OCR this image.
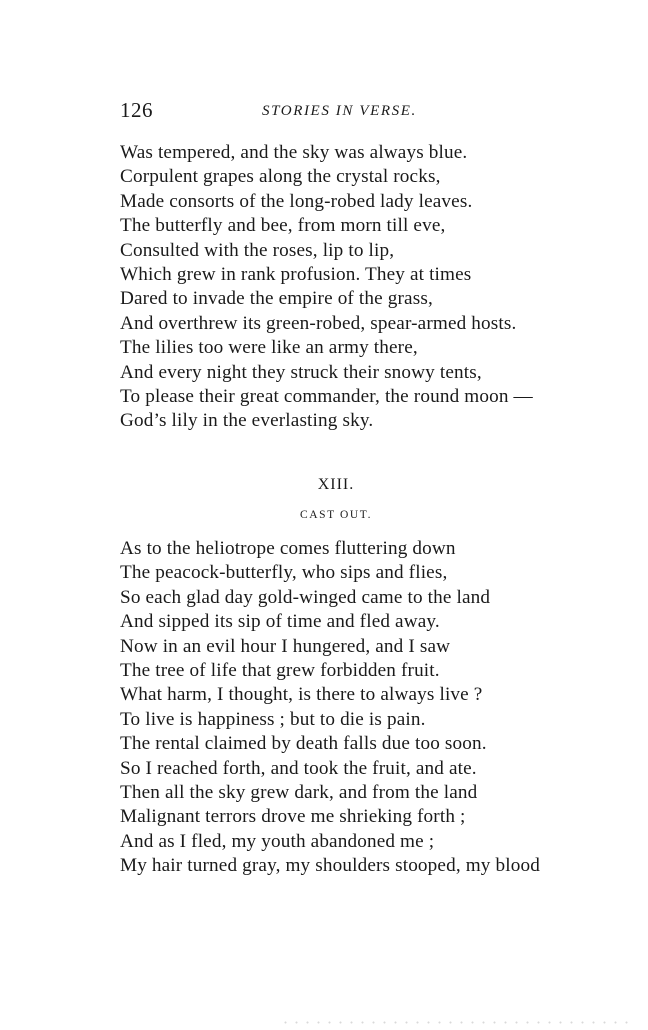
126	STORIES IN VERSE.
Was tempered, and the sky was always blue.
Corpulent grapes along the crystal rocks,
Made consorts of the long-robed lady leaves.
The butterfly and bee, from morn till eve,
Consulted with the roses, lip to lip,
Which grew in rank profusion. They at times
Dared to invade the empire of the grass,
And overthrew its green-robed, spear-armed hosts.
The lilies too were like an army there,
And every night they struck their snowy tents,
To please their great commander, the round moon —
God’s lily in the everlasting sky.
XIII.
CAST OUT.
As to the heliotrope comes fluttering down
The peacock-butterfly, who sips and flies,
So each glad day gold-winged came to the land
And sipped its sip of time and fled away.
Now in an evil hour I hungered, and I saw
The tree of life that grew forbidden fruit.
What harm, I thought, is there to always live ?
To live is happiness ; but to die is pain.
The rental claimed by death falls due too soon.
So I reached forth, and took the fruit, and ate.
Then all the sky grew dark, and from the land
Malignant terrors drove me shrieking forth ;
And as I fled, my youth abandoned me ;
My hair turned gray, my shoulders stooped, my blood
